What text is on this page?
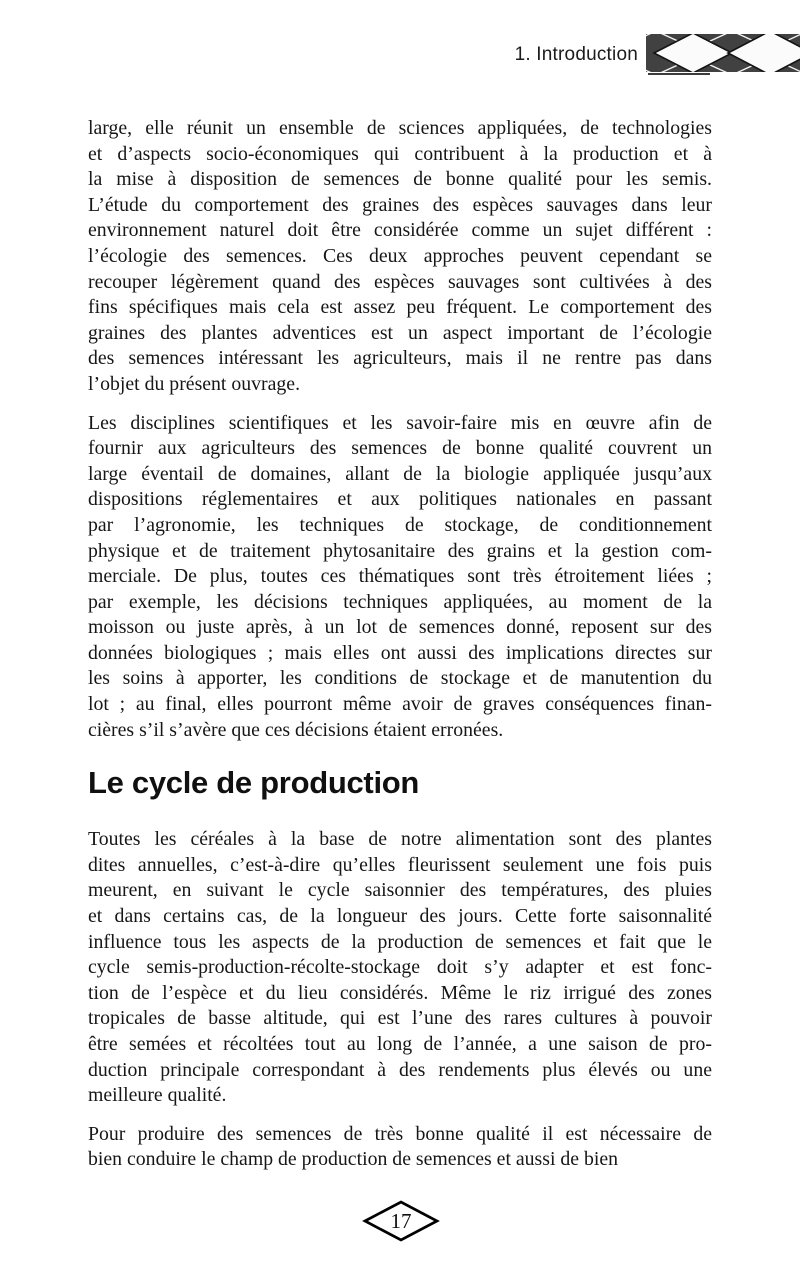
1. Introduction
large, elle réunit un ensemble de sciences appliquées, de technologies
et d’aspects socio-économiques qui contribuent à la production et à
la mise à disposition de semences de bonne qualité pour les semis.
L’étude du comportement des graines des espèces sauvages dans leur
environnement naturel doit être considérée comme un sujet différent :
l’écologie des semences. Ces deux approches peuvent cependant se
recouper légèrement quand des espèces sauvages sont cultivées à des
fins spécifiques mais cela est assez peu fréquent. Le comportement des
graines des plantes adventices est un aspect important de l’écologie
des semences intéressant les agriculteurs, mais il ne rentre pas dans
l’objet du présent ouvrage.
Les disciplines scientifiques et les savoir-faire mis en œuvre afin de
fournir aux agriculteurs des semences de bonne qualité couvrent un
large éventail de domaines, allant de la biologie appliquée jusqu’aux
dispositions réglementaires et aux politiques nationales en passant
par l’agronomie, les techniques de stockage, de conditionnement
physique et de traitement phytosanitaire des grains et la gestion com-
merciale. De plus, toutes ces thématiques sont très étroitement liées ;
par exemple, les décisions techniques appliquées, au moment de la
moisson ou juste après, à un lot de semences donné, reposent sur des
données biologiques ; mais elles ont aussi des implications directes sur
les soins à apporter, les conditions de stockage et de manutention du
lot ; au final, elles pourront même avoir de graves conséquences finan-
cières s’il s’avère que ces décisions étaient erronées.
Le cycle de production
Toutes les céréales à la base de notre alimentation sont des plantes
dites annuelles, c’est-à-dire qu’elles fleurissent seulement une fois puis
meurent, en suivant le cycle saisonnier des températures, des pluies
et dans certains cas, de la longueur des jours. Cette forte saisonnalité
influence tous les aspects de la production de semences et fait que le
cycle semis-production-récolte-stockage doit s’y adapter et est fonc-
tion de l’espèce et du lieu considérés. Même le riz irrigué des zones
tropicales de basse altitude, qui est l’une des rares cultures à pouvoir
être semées et récoltées tout au long de l’année, a une saison de pro-
duction principale correspondant à des rendements plus élevés ou une
meilleure qualité.
Pour produire des semences de très bonne qualité il est nécessaire de
bien conduire le champ de production de semences et aussi de bien
17
